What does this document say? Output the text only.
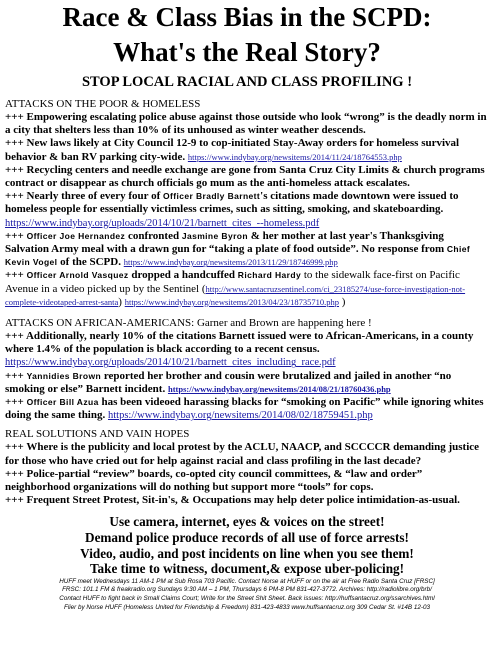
Race & Class Bias in the SCPD:
What's the Real Story?
STOP LOCAL RACIAL AND CLASS PROFILING !

ATTACKS ON THE POOR & HOMELESS

+++ Empowering escalating police abuse against those outside who look “wrong” is the deadly norm in a city that shelters less than 10% of its unhoused as winter weather descends.

+++ New laws likely at City Council 12-9 to cop-initiated Stay-Away orders for homeless survival behavior & ban RV parking city-wide. https://www.indybay.org/newsitems/2014/11/24/18764553.php

+++ Recycling centers and needle exchange are gone from Santa Cruz City Limits & church programs contract or disappear as church officials go mum as the anti-homeless attack escalates.

+++ Nearly three of every four of Officer Bradly Barnett's citations made downtown were issued to homeless people for essentially victimless crimes, such as sitting, smoking, and skateboarding. https://www.indybay.org/uploads/2014/10/21/barnett_cites_--homeless.pdf

+++ Officer Joe Hernandez confronted Jasmine Byron & her mother at last year's Thanksgiving Salvation Army meal with a drawn gun for “taking a plate of food outside”. No response from Chief Kevin Vogel of the SCPD. https://www.indybay.org/newsitems/2013/11/29/18746999.php

+++ Officer Arnold Vasquez dropped a handcuffed Richard Hardy to the sidewalk face-first on Pacific Avenue in a video picked up by the Sentinel (http://www.santacruzsentinel.com/ci_23185274/use-force-investigation-not-complete-videotaped-arrest-santa) https://www.indybay.org/newsitems/2013/04/23/18735710.php )

ATTACKS ON AFRICAN-AMERICANS: Garner and Brown are happening here !

+++ Additionally, nearly 10% of the citations Barnett issued were to African-Americans, in a county where 1.4% of the population is black according to a recent census. https://www.indybay.org/uploads/2014/10/21/barnett_cites_including_race.pdf

+++ Yannidies Brown reported her brother and cousin were brutalized and jailed in another “no smoking or else” Barnett incident. https://www.indybay.org/newsitems/2014/08/21/18760436.php

+++ Officer Bill Azua has been videoed harassing blacks for “smoking on Pacific” while ignoring whites doing the same thing. https://www.indybay.org/newsitems/2014/08/02/18759451.php

REAL SOLUTIONS AND VAIN HOPES

+++ Where is the publicity and local protest by the ACLU, NAACP, and SCCCCR demanding justice for those who have cried out for help against racial and class profiling in the last decade?

+++ Police-partial “review” boards, co-opted city council committees, & “law and order” neighborhood organizations will do nothing but support more “tools” for cops.

+++ Frequent Street Protest, Sit-in's, & Occupations may help deter police intimidation-as-usual.

Use camera, internet, eyes & voices on the street!

Demand police produce records of all use of force arrests!

Video, audio, and post incidents on line when you see them!

Take time to witness, document,& expose uber-policing!

HUFF meet Wednesdays 11 AM-1 PM at Sub Rosa 703 Pacific. Contact Norse at HUFF or on the air at Free Radio Santa Cruz [FRSC]

FRSC: 101.1 FM & freakradio.org Sundays 9:30 AM – 1 PM, Thursdays 6 PM-8 PM 831-427-3772. Archives: http://radiolibre.org/brb/

Contact HUFF to fight back in Small Claims Court; Write for the Street Shit Sheet. Back issues: http://huffsantacruz.org/ssarchives.html

Flier by Norse HUFF (Homeless United for Friendship & Freedom) 831-423-4833 www.huffsantacruz.org 309 Cedar St. #14B 12-03
